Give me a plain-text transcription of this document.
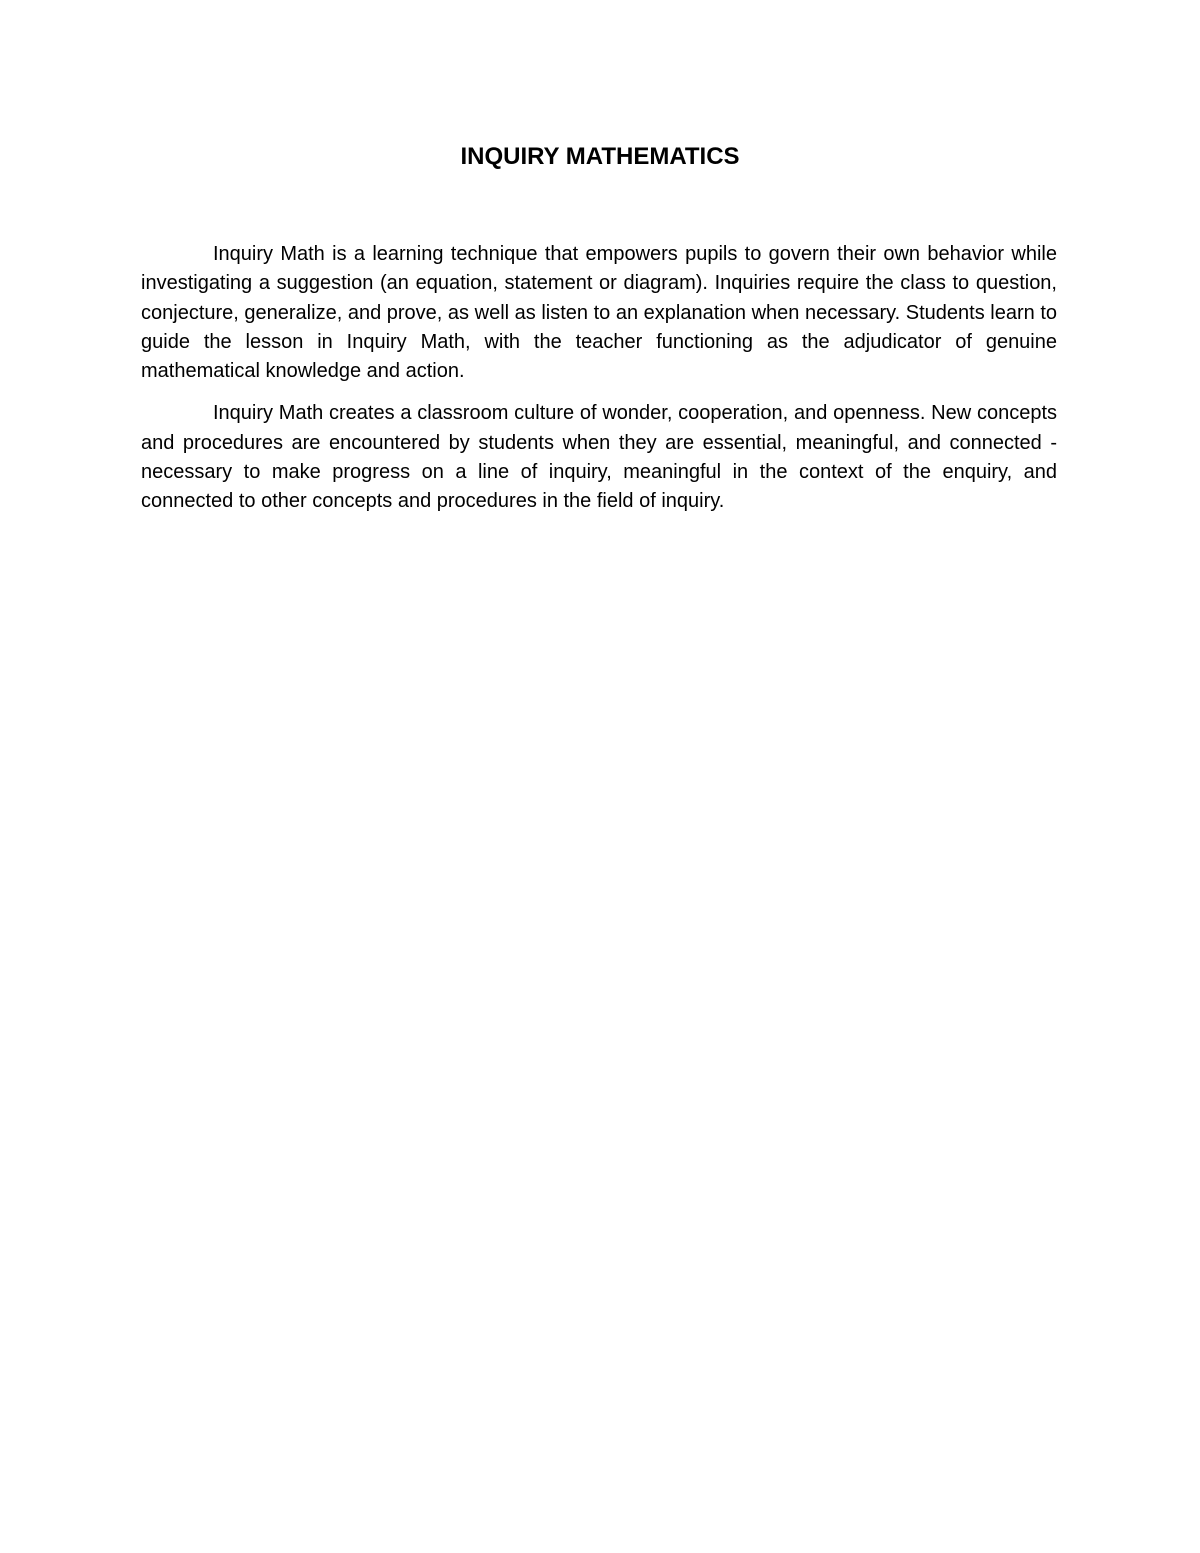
INQUIRY MATHEMATICS

Inquiry Math is a learning technique that empowers pupils to govern their own behavior while investigating a suggestion (an equation, statement or diagram). Inquiries require the class to question, conjecture, generalize, and prove, as well as listen to an explanation when necessary. Students learn to guide the lesson in Inquiry Math, with the teacher functioning as the adjudicator of genuine mathematical knowledge and action.

Inquiry Math creates a classroom culture of wonder, cooperation, and openness. New concepts and procedures are encountered by students when they are essential, meaningful, and connected - necessary to make progress on a line of inquiry, meaningful in the context of the enquiry, and connected to other concepts and procedures in the field of inquiry.
